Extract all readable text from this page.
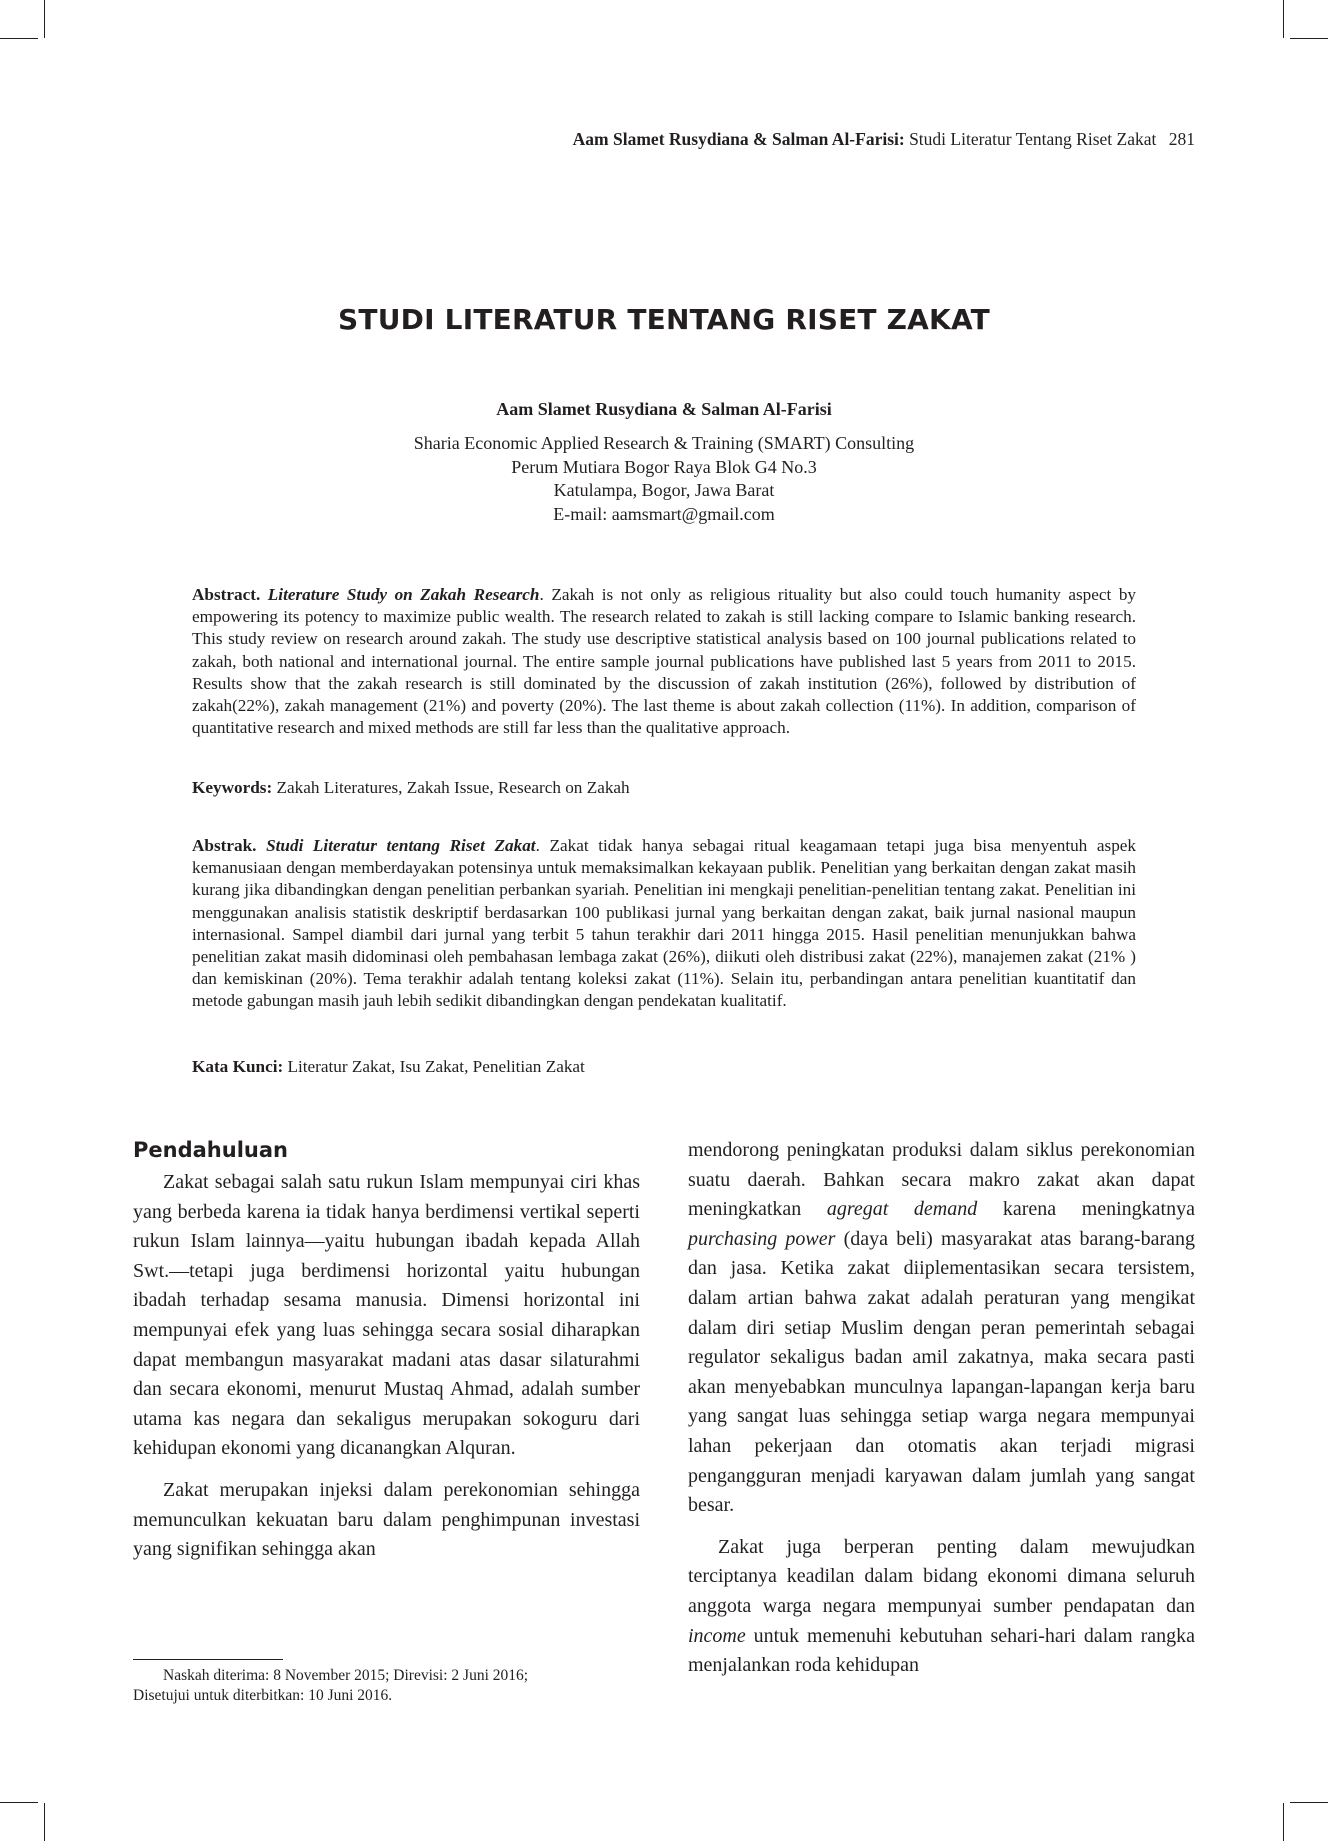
Aam Slamet Rusydiana & Salman Al-Farisi: Studi Literatur Tentang Riset Zakat 281
STUDI LITERATUR TENTANG RISET ZAKAT
Aam Slamet Rusydiana & Salman Al-Farisi
Sharia Economic Applied Research & Training (SMART) Consulting
Perum Mutiara Bogor Raya Blok G4 No.3
Katulampa, Bogor, Jawa Barat
E-mail: aamsmart@gmail.com
Abstract. Literature Study on Zakah Research. Zakah is not only as religious rituality but also could touch humanity aspect by empowering its potency to maximize public wealth. The research related to zakah is still lacking compare to Islamic banking research. This study review on research around zakah. The study use descriptive statistical analysis based on 100 journal publications related to zakah, both national and international journal. The entire sample journal publications have published last 5 years from 2011 to 2015. Results show that the zakah research is still dominated by the discussion of zakah institution (26%), followed by distribution of zakah(22%), zakah management (21%) and poverty (20%). The last theme is about zakah collection (11%). In addition, comparison of quantitative research and mixed methods are still far less than the qualitative approach.
Keywords: Zakah Literatures, Zakah Issue, Research on Zakah
Abstrak. Studi Literatur tentang Riset Zakat. Zakat tidak hanya sebagai ritual keagamaan tetapi juga bisa menyentuh aspek kemanusiaan dengan memberdayakan potensinya untuk memaksimalkan kekayaan publik. Penelitian yang berkaitan dengan zakat masih kurang jika dibandingkan dengan penelitian perbankan syariah. Penelitian ini mengkaji penelitian-penelitian tentang zakat. Penelitian ini menggunakan analisis statistik deskriptif berdasarkan 100 publikasi jurnal yang berkaitan dengan zakat, baik jurnal nasional maupun internasional. Sampel diambil dari jurnal yang terbit 5 tahun terakhir dari 2011 hingga 2015. Hasil penelitian menunjukkan bahwa penelitian zakat masih didominasi oleh pembahasan lembaga zakat (26%), diikuti oleh distribusi zakat (22%), manajemen zakat (21% ) dan kemiskinan (20%). Tema terakhir adalah tentang koleksi zakat (11%). Selain itu, perbandingan antara penelitian kuantitatif dan metode gabungan masih jauh lebih sedikit dibandingkan dengan pendekatan kualitatif.
Kata Kunci: Literatur Zakat, Isu Zakat, Penelitian Zakat
Pendahuluan

Zakat sebagai salah satu rukun Islam mempunyai ciri khas yang berbeda karena ia tidak hanya berdimensi vertikal seperti rukun Islam lainnya—yaitu hubungan ibadah kepada Allah Swt.—tetapi juga berdimensi horizontal yaitu hubungan ibadah terhadap sesama manusia. Dimensi horizontal ini mempunyai efek yang luas sehingga secara sosial diharapkan dapat membangun masyarakat madani atas dasar silaturahmi dan secara ekonomi, menurut Mustaq Ahmad, adalah sumber utama kas negara dan sekaligus merupakan sokoguru dari kehidupan ekonomi yang dicanangkan Alquran.

Zakat merupakan injeksi dalam perekonomian sehingga memunculkan kekuatan baru dalam penghimpunan investasi yang signifikan sehingga akan

mendorong peningkatan produksi dalam siklus perekonomian suatu daerah. Bahkan secara makro zakat akan dapat meningkatkan agregat demand karena meningkatnya purchasing power (daya beli) masyarakat atas barang-barang dan jasa. Ketika zakat diiplementasikan secara tersistem, dalam artian bahwa zakat adalah peraturan yang mengikat dalam diri setiap Muslim dengan peran pemerintah sebagai regulator sekaligus badan amil zakatnya, maka secara pasti akan menyebabkan munculnya lapangan-lapangan kerja baru yang sangat luas sehingga setiap warga negara mempunyai lahan pekerjaan dan otomatis akan terjadi migrasi pengangguran menjadi karyawan dalam jumlah yang sangat besar.

Zakat juga berperan penting dalam mewujudkan terciptanya keadilan dalam bidang ekonomi dimana seluruh anggota warga negara mempunyai sumber pendapatan dan income untuk memenuhi kebutuhan sehari-hari dalam rangka menjalankan roda kehidupan

Naskah diterima: 8 November 2015; Direvisi: 2 Juni 2016;
Disetujui untuk diterbitkan: 10 Juni 2016.
